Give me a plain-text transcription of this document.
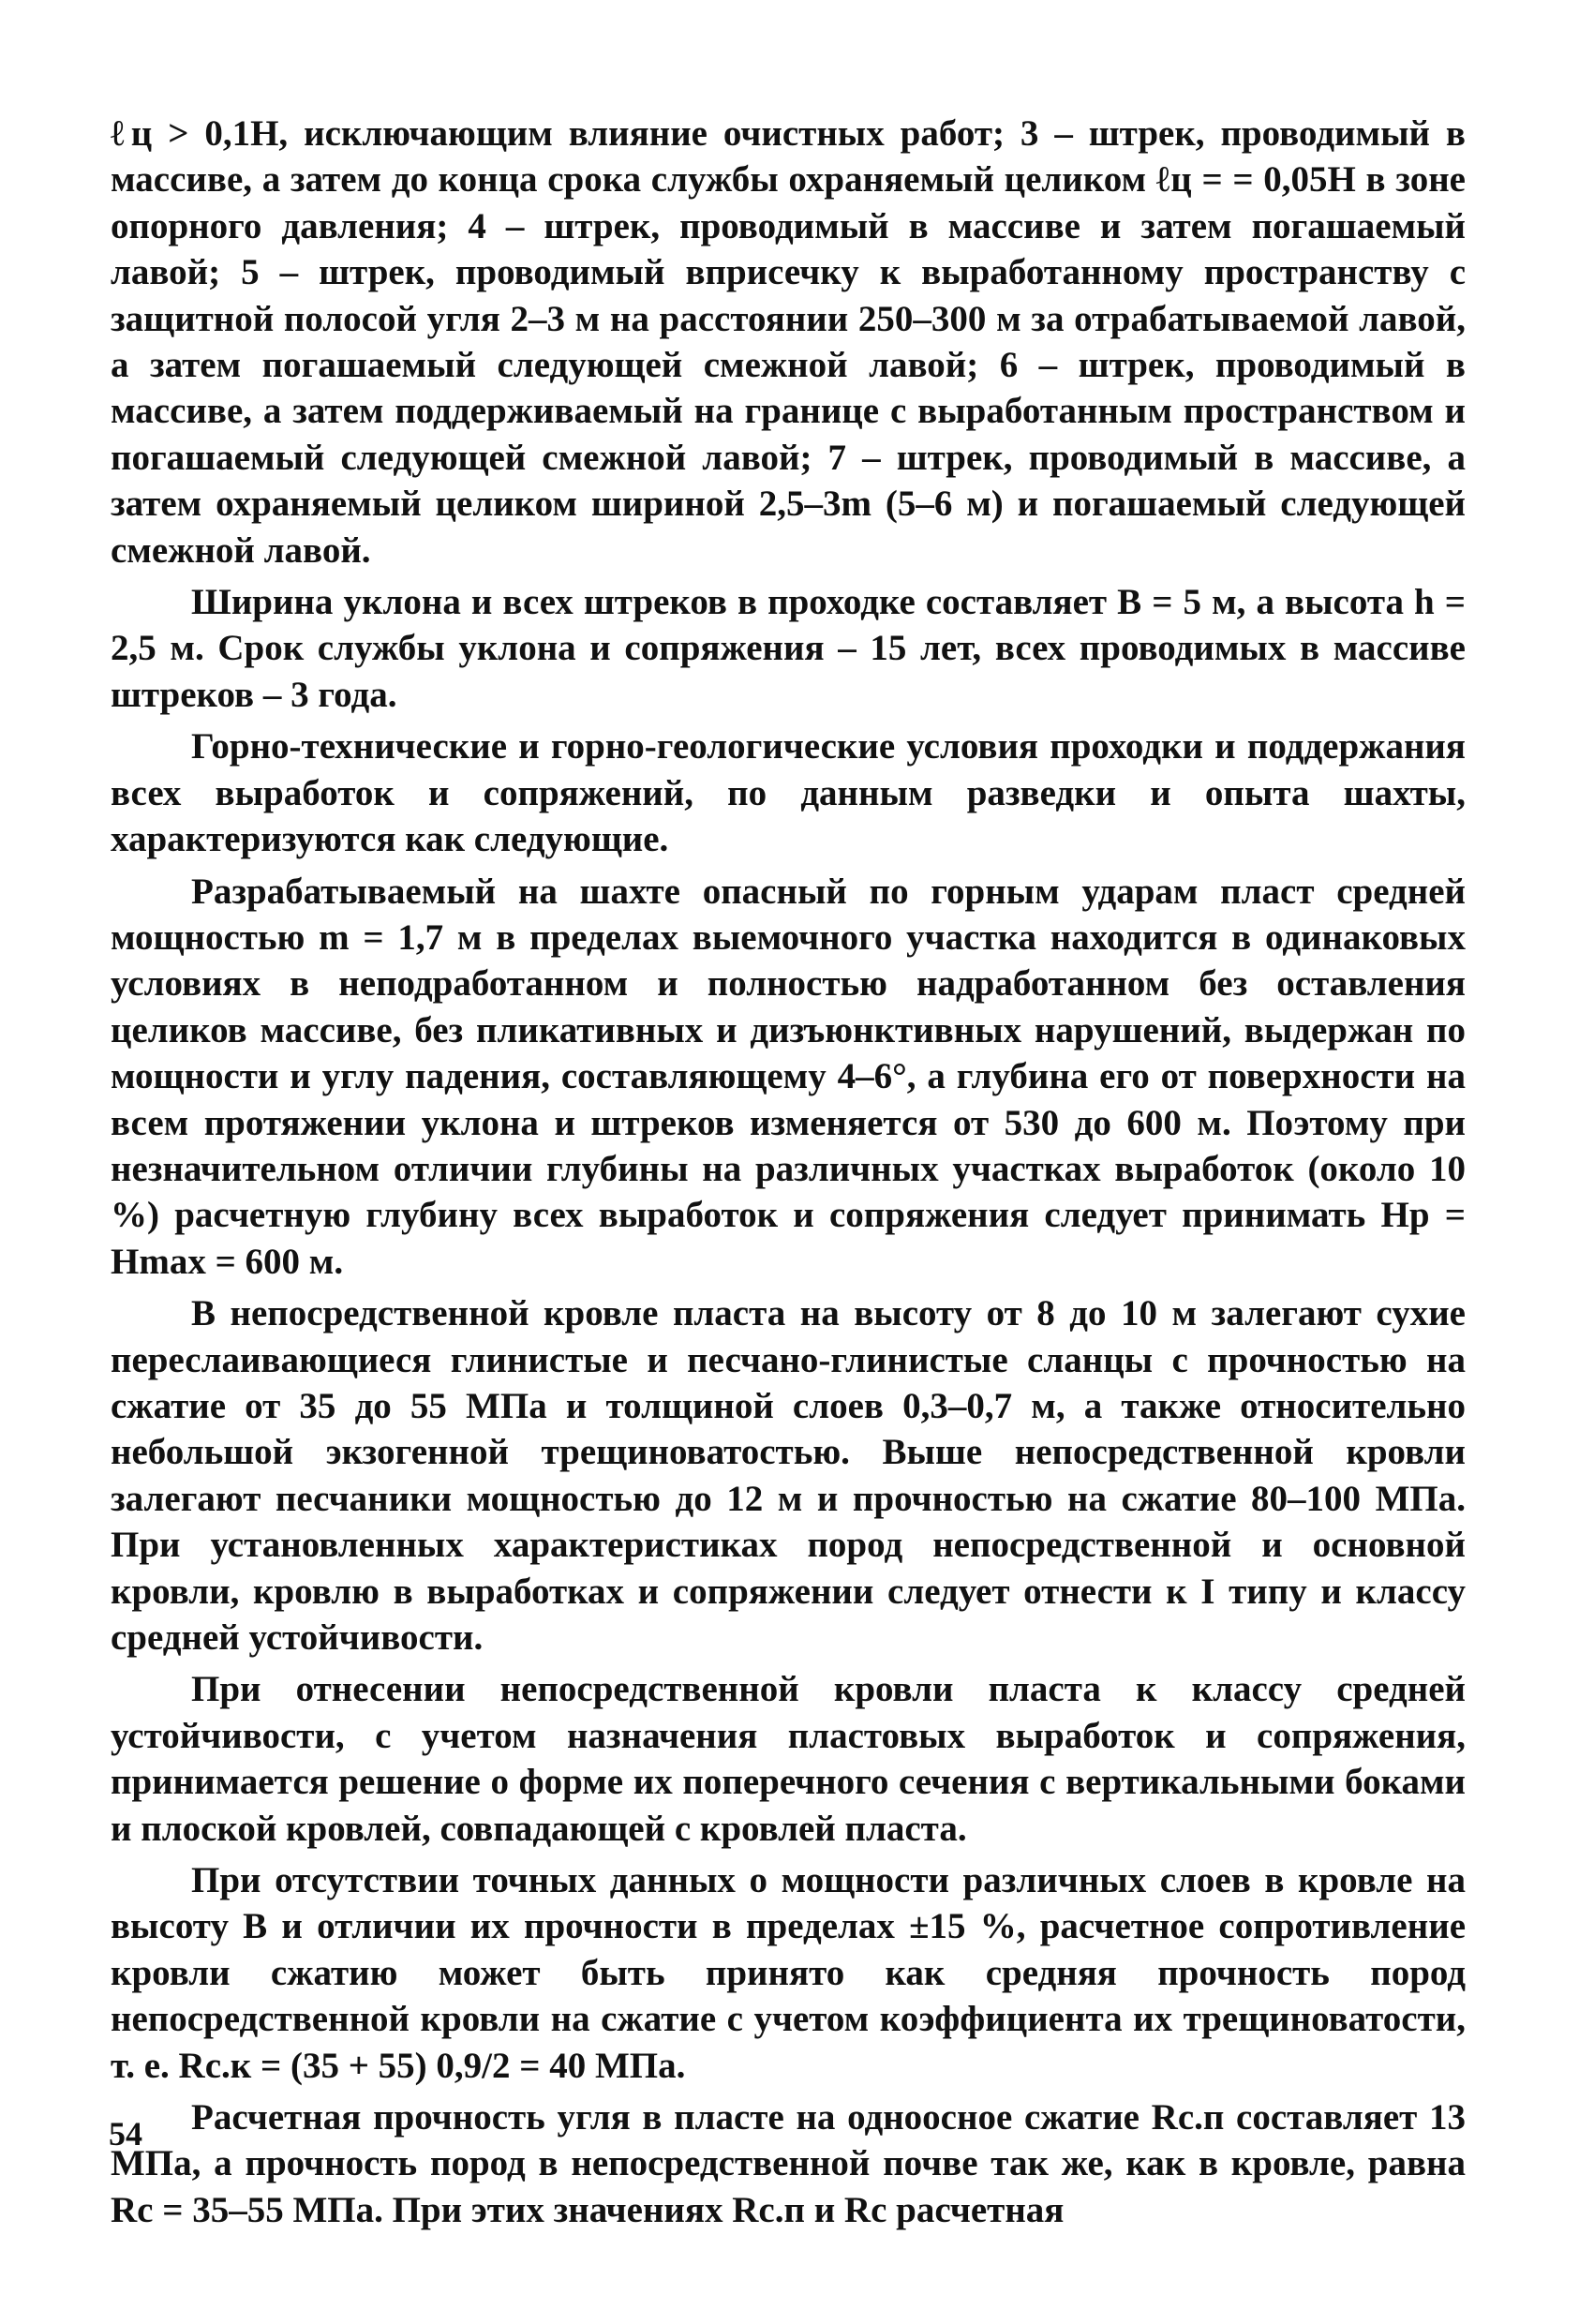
ℓц > 0,1H, исключающим влияние очистных работ; 3 – штрек, проводимый в массиве, а затем до конца срока службы охраняемый целиком ℓц = = 0,05H в зоне опорного давления; 4 – штрек, проводимый в массиве и затем погашаемый лавой; 5 – штрек, проводимый вприсечку к выработанному пространству с защитной полосой угля 2–3 м на расстоянии 250–300 м за отрабатываемой лавой, а затем погашаемый следующей смежной лавой; 6 – штрек, проводимый в массиве, а затем поддерживаемый на границе с выработанным пространством и погашаемый следующей смежной лавой; 7 – штрек, проводимый в массиве, а затем охраняемый целиком шириной 2,5–3m (5–6 м) и погашаемый следующей смежной лавой.

Ширина уклона и всех штреков в проходке составляет B = 5 м, а высота h = 2,5 м. Срок службы уклона и сопряжения – 15 лет, всех проводимых в массиве штреков – 3 года.

Горно-технические и горно-геологические условия проходки и поддержания всех выработок и сопряжений, по данным разведки и опыта шахты, характеризуются как следующие.

Разрабатываемый на шахте опасный по горным ударам пласт средней мощностью m = 1,7 м в пределах выемочного участка находится в одинаковых условиях в неподработанном и полностью надработанном без оставления целиков массиве, без пликативных и дизъюнктивных нарушений, выдержан по мощности и углу падения, составляющему 4–6°, а глубина его от поверхности на всем протяжении уклона и штреков изменяется от 530 до 600 м. Поэтому при незначительном отличии глубины на различных участках выработок (около 10 %) расчетную глубину всех выработок и сопряжения следует принимать Hр = Hmax = 600 м.

В непосредственной кровле пласта на высоту от 8 до 10 м залегают сухие переслаивающиеся глинистые и песчано-глинистые сланцы с прочностью на сжатие от 35 до 55 МПа и толщиной слоев 0,3–0,7 м, а также относительно небольшой экзогенной трещиноватостью. Выше непосредственной кровли залегают песчаники мощностью до 12 м и прочностью на сжатие 80–100 МПа. При установленных характеристиках пород непосредственной и основной кровли, кровлю в выработках и сопряжении следует отнести к I типу и классу средней устойчивости.

При отнесении непосредственной кровли пласта к классу средней устойчивости, с учетом назначения пластовых выработок и сопряжения, принимается решение о форме их поперечного сечения с вертикальными боками и плоской кровлей, совпадающей с кровлей пласта.

При отсутствии точных данных о мощности различных слоев в кровле на высоту B и отличии их прочности в пределах ±15 %, расчетное сопротивление кровли сжатию может быть принято как средняя прочность пород непосредственной кровли на сжатие с учетом коэффициента их трещиноватости, т. е. Rс.к = (35 + 55) 0,9/2 = 40 МПа.

Расчетная прочность угля в пласте на одноосное сжатие Rс.п составляет 13 МПа, а прочность пород в непосредственной почве так же, как в кровле, равна Rс = 35–55 МПа. При этих значениях Rс.п и Rс расчетная

54
